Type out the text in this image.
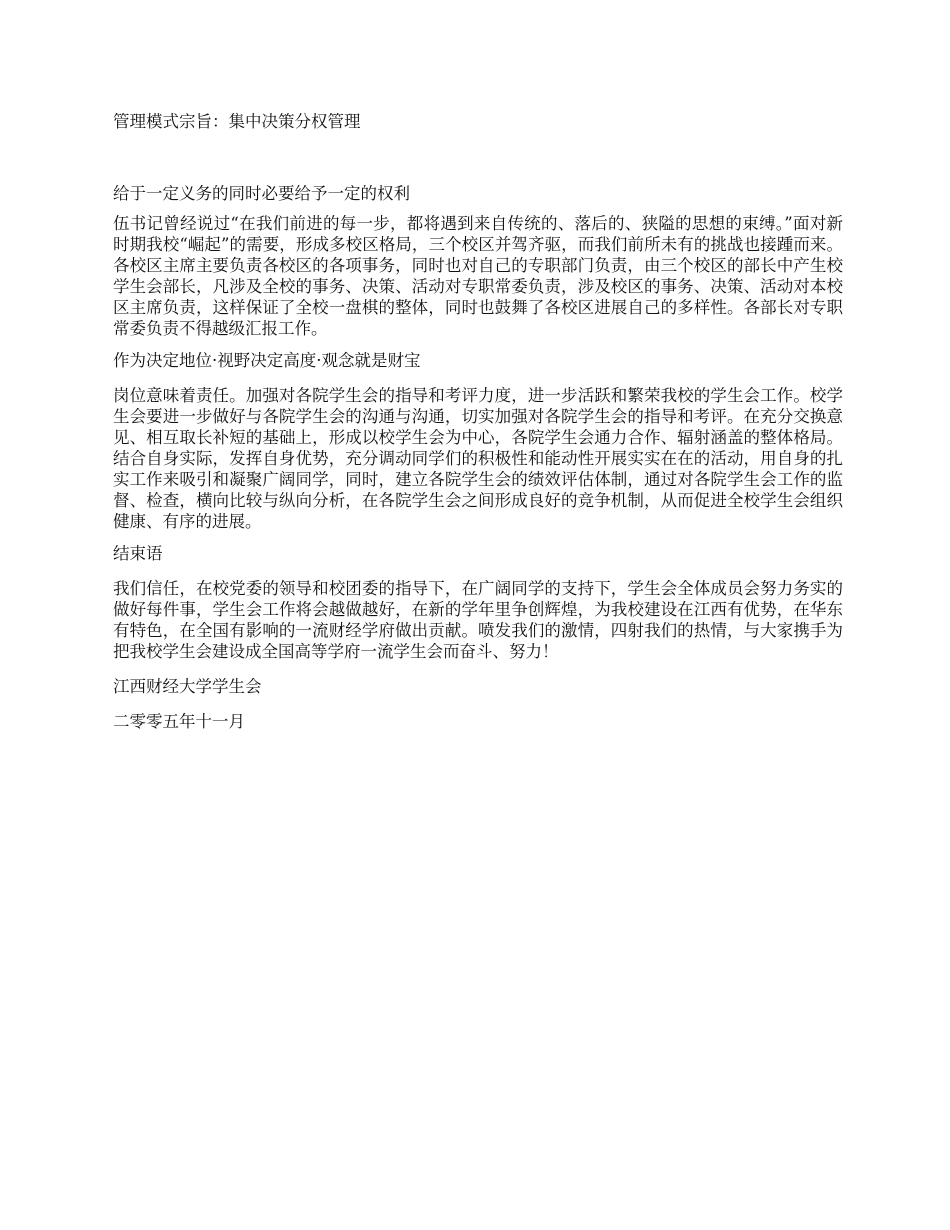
管理模式宗旨：集中决策分权管理

给于一定义务的同时必要给予一定的权利

伍书记曾经说过“在我们前进的每一步，都将遇到来自传统的、落后的、狭隘的思想的束缚。”面对新时期我校“崛起”的需要，形成多校区格局，三个校区并驾齐驱，而我们前所未有的挑战也接踵而来。各校区主席主要负责各校区的各项事务，同时也对自己的专职部门负责，由三个校区的部长中产生校学生会部长，凡涉及全校的事务、决策、活动对专职常委负责，涉及校区的事务、决策、活动对本校区主席负责，这样保证了全校一盘棋的整体，同时也鼓舞了各校区进展自己的多样性。各部长对专职常委负责不得越级汇报工作。

作为决定地位·视野决定高度·观念就是财宝

岗位意味着责任。加强对各院学生会的指导和考评力度，进一步活跃和繁荣我校的学生会工作。校学生会要进一步做好与各院学生会的沟通与沟通，切实加强对各院学生会的指导和考评。在充分交换意见、相互取长补短的基础上，形成以校学生会为中心，各院学生会通力合作、辐射涵盖的整体格局。结合自身实际，发挥自身优势，充分调动同学们的积极性和能动性开展实实在在的活动，用自身的扎实工作来吸引和凝聚广阔同学，同时，建立各院学生会的绩效评估体制，通过对各院学生会工作的监督、检查，横向比较与纵向分析，在各院学生会之间形成良好的竞争机制，从而促进全校学生会组织健康、有序的进展。

结束语

我们信任，在校党委的领导和校团委的指导下，在广阔同学的支持下，学生会全体成员会努力务实的做好每件事，学生会工作将会越做越好，在新的学年里争创辉煌，为我校建设在江西有优势，在华东有特色，在全国有影响的一流财经学府做出贡献。喷发我们的激情，四射我们的热情，与大家携手为把我校学生会建设成全国高等学府一流学生会而奋斗、努力！

江西财经大学学生会

二零零五年十一月
